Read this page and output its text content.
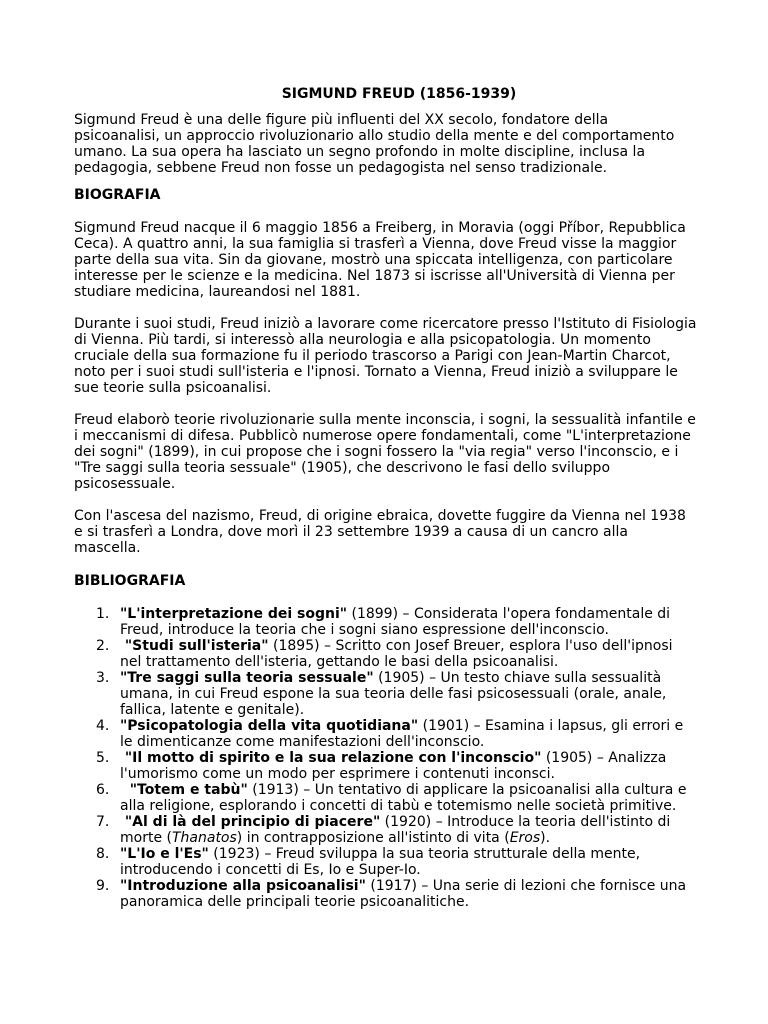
SIGMUND FREUD (1856-1939)

Sigmund Freud è una delle figure più influenti del XX secolo, fondatore della psicoanalisi, un approccio rivoluzionario allo studio della mente e del comportamento umano. La sua opera ha lasciato un segno profondo in molte discipline, inclusa la pedagogia, sebbene Freud non fosse un pedagogista nel senso tradizionale.

BIOGRAFIA

Sigmund Freud nacque il 6 maggio 1856 a Freiberg, in Moravia (oggi Příbor, Repubblica Ceca). A quattro anni, la sua famiglia si trasferì a Vienna, dove Freud visse la maggior parte della sua vita. Sin da giovane, mostrò una spiccata intelligenza, con particolare interesse per le scienze e la medicina. Nel 1873 si iscrisse all'Università di Vienna per studiare medicina, laureandosi nel 1881.

Durante i suoi studi, Freud iniziò a lavorare come ricercatore presso l'Istituto di Fisiologia di Vienna. Più tardi, si interessò alla neurologia e alla psicopatologia. Un momento cruciale della sua formazione fu il periodo trascorso a Parigi con Jean-Martin Charcot, noto per i suoi studi sull'isteria e l'ipnosi. Tornato a Vienna, Freud iniziò a sviluppare le sue teorie sulla psicoanalisi.

Freud elaborò teorie rivoluzionarie sulla mente inconscia, i sogni, la sessualità infantile e i meccanismi di difesa. Pubblicò numerose opere fondamentali, come "L'interpretazione dei sogni" (1899), in cui propose che i sogni fossero la "via regia" verso l'inconscio, e i "Tre saggi sulla teoria sessuale" (1905), che descrivono le fasi dello sviluppo psicosessuale.

Con l'ascesa del nazismo, Freud, di origine ebraica, dovette fuggire da Vienna nel 1938 e si trasferì a Londra, dove morì il 23 settembre 1939 a causa di un cancro alla mascella.

BIBLIOGRAFIA

1. "L'interpretazione dei sogni" (1899) – Considerata l'opera fondamentale di Freud, introduce la teoria che i sogni siano espressione dell'inconscio.
2. "Studi sull'isteria" (1895) – Scritto con Josef Breuer, esplora l'uso dell'ipnosi nel trattamento dell'isteria, gettando le basi della psicoanalisi.
3. "Tre saggi sulla teoria sessuale" (1905) – Un testo chiave sulla sessualità umana, in cui Freud espone la sua teoria delle fasi psicosessuali (orale, anale, fallica, latente e genitale).
4. "Psicopatologia della vita quotidiana" (1901) – Esamina i lapsus, gli errori e le dimenticanze come manifestazioni dell'inconscio.
5. "Il motto di spirito e la sua relazione con l'inconscio" (1905) – Analizza l'umorismo come un modo per esprimere i contenuti inconsci.
6. "Totem e tabù" (1913) – Un tentativo di applicare la psicoanalisi alla cultura e alla religione, esplorando i concetti di tabù e totemismo nelle società primitive.
7. "Al di là del principio di piacere" (1920) – Introduce la teoria dell'istinto di morte (Thanatos) in contrapposizione all'istinto di vita (Eros).
8. "L'Io e l'Es" (1923) – Freud sviluppa la sua teoria strutturale della mente, introducendo i concetti di Es, Io e Super-Io.
9. "Introduzione alla psicoanalisi" (1917) – Una serie di lezioni che fornisce una panoramica delle principali teorie psicoanalitiche.
